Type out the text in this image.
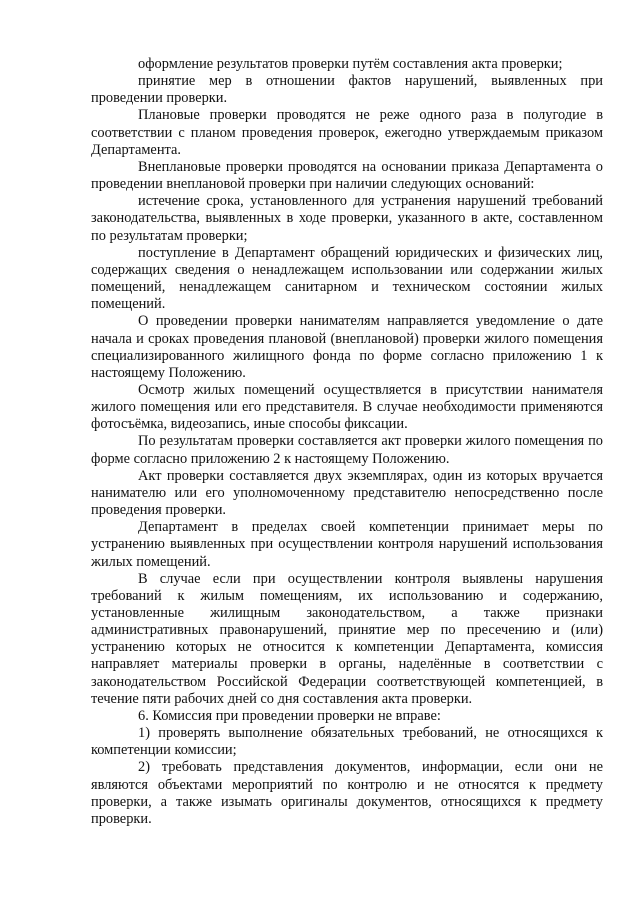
оформление результатов проверки путём составления акта проверки;

принятие мер в отношении фактов нарушений, выявленных при проведении проверки.

Плановые проверки проводятся не реже одного раза в полугодие в соответствии с планом проведения проверок, ежегодно утверждаемым приказом Департамента.

Внеплановые проверки проводятся на основании приказа Департамента о проведении внеплановой проверки при наличии следующих оснований:

истечение срока, установленного для устранения нарушений требований законодательства, выявленных в ходе проверки, указанного в акте, составленном по результатам проверки;

поступление в Департамент обращений юридических и физических лиц, содержащих сведения о ненадлежащем использовании или содержании жилых помещений, ненадлежащем санитарном и техническом состоянии жилых помещений.

О проведении проверки нанимателям направляется уведомление о дате начала и сроках проведения плановой (внеплановой) проверки жилого помещения специализированного жилищного фонда по форме согласно приложению 1 к настоящему Положению.

Осмотр жилых помещений осуществляется в присутствии нанимателя жилого помещения или его представителя. В случае необходимости применяются фотосъёмка, видеозапись, иные способы фиксации.

По результатам проверки составляется акт проверки жилого помещения по форме согласно приложению 2 к настоящему Положению.

Акт проверки составляется двух экземплярах, один из которых вручается нанимателю или его уполномоченному представителю непосредственно после проведения проверки.

Департамент в пределах своей компетенции принимает меры по устранению выявленных при осуществлении контроля нарушений использования жилых помещений.

В случае если при осуществлении контроля выявлены нарушения требований к жилым помещениям, их использованию и содержанию, установленные жилищным законодательством, а также признаки административных правонарушений, принятие мер по пресечению и (или) устранению которых не относится к компетенции Департамента, комиссия направляет материалы проверки в органы, наделённые в соответствии с законодательством Российской Федерации соответствующей компетенцией, в течение пяти рабочих дней со дня составления акта проверки.

6. Комиссия при проведении проверки не вправе:

1) проверять выполнение обязательных требований, не относящихся к компетенции комиссии;

2) требовать представления документов, информации, если они не являются объектами мероприятий по контролю и не относятся к предмету проверки, а также изымать оригиналы документов, относящихся к предмету проверки.
